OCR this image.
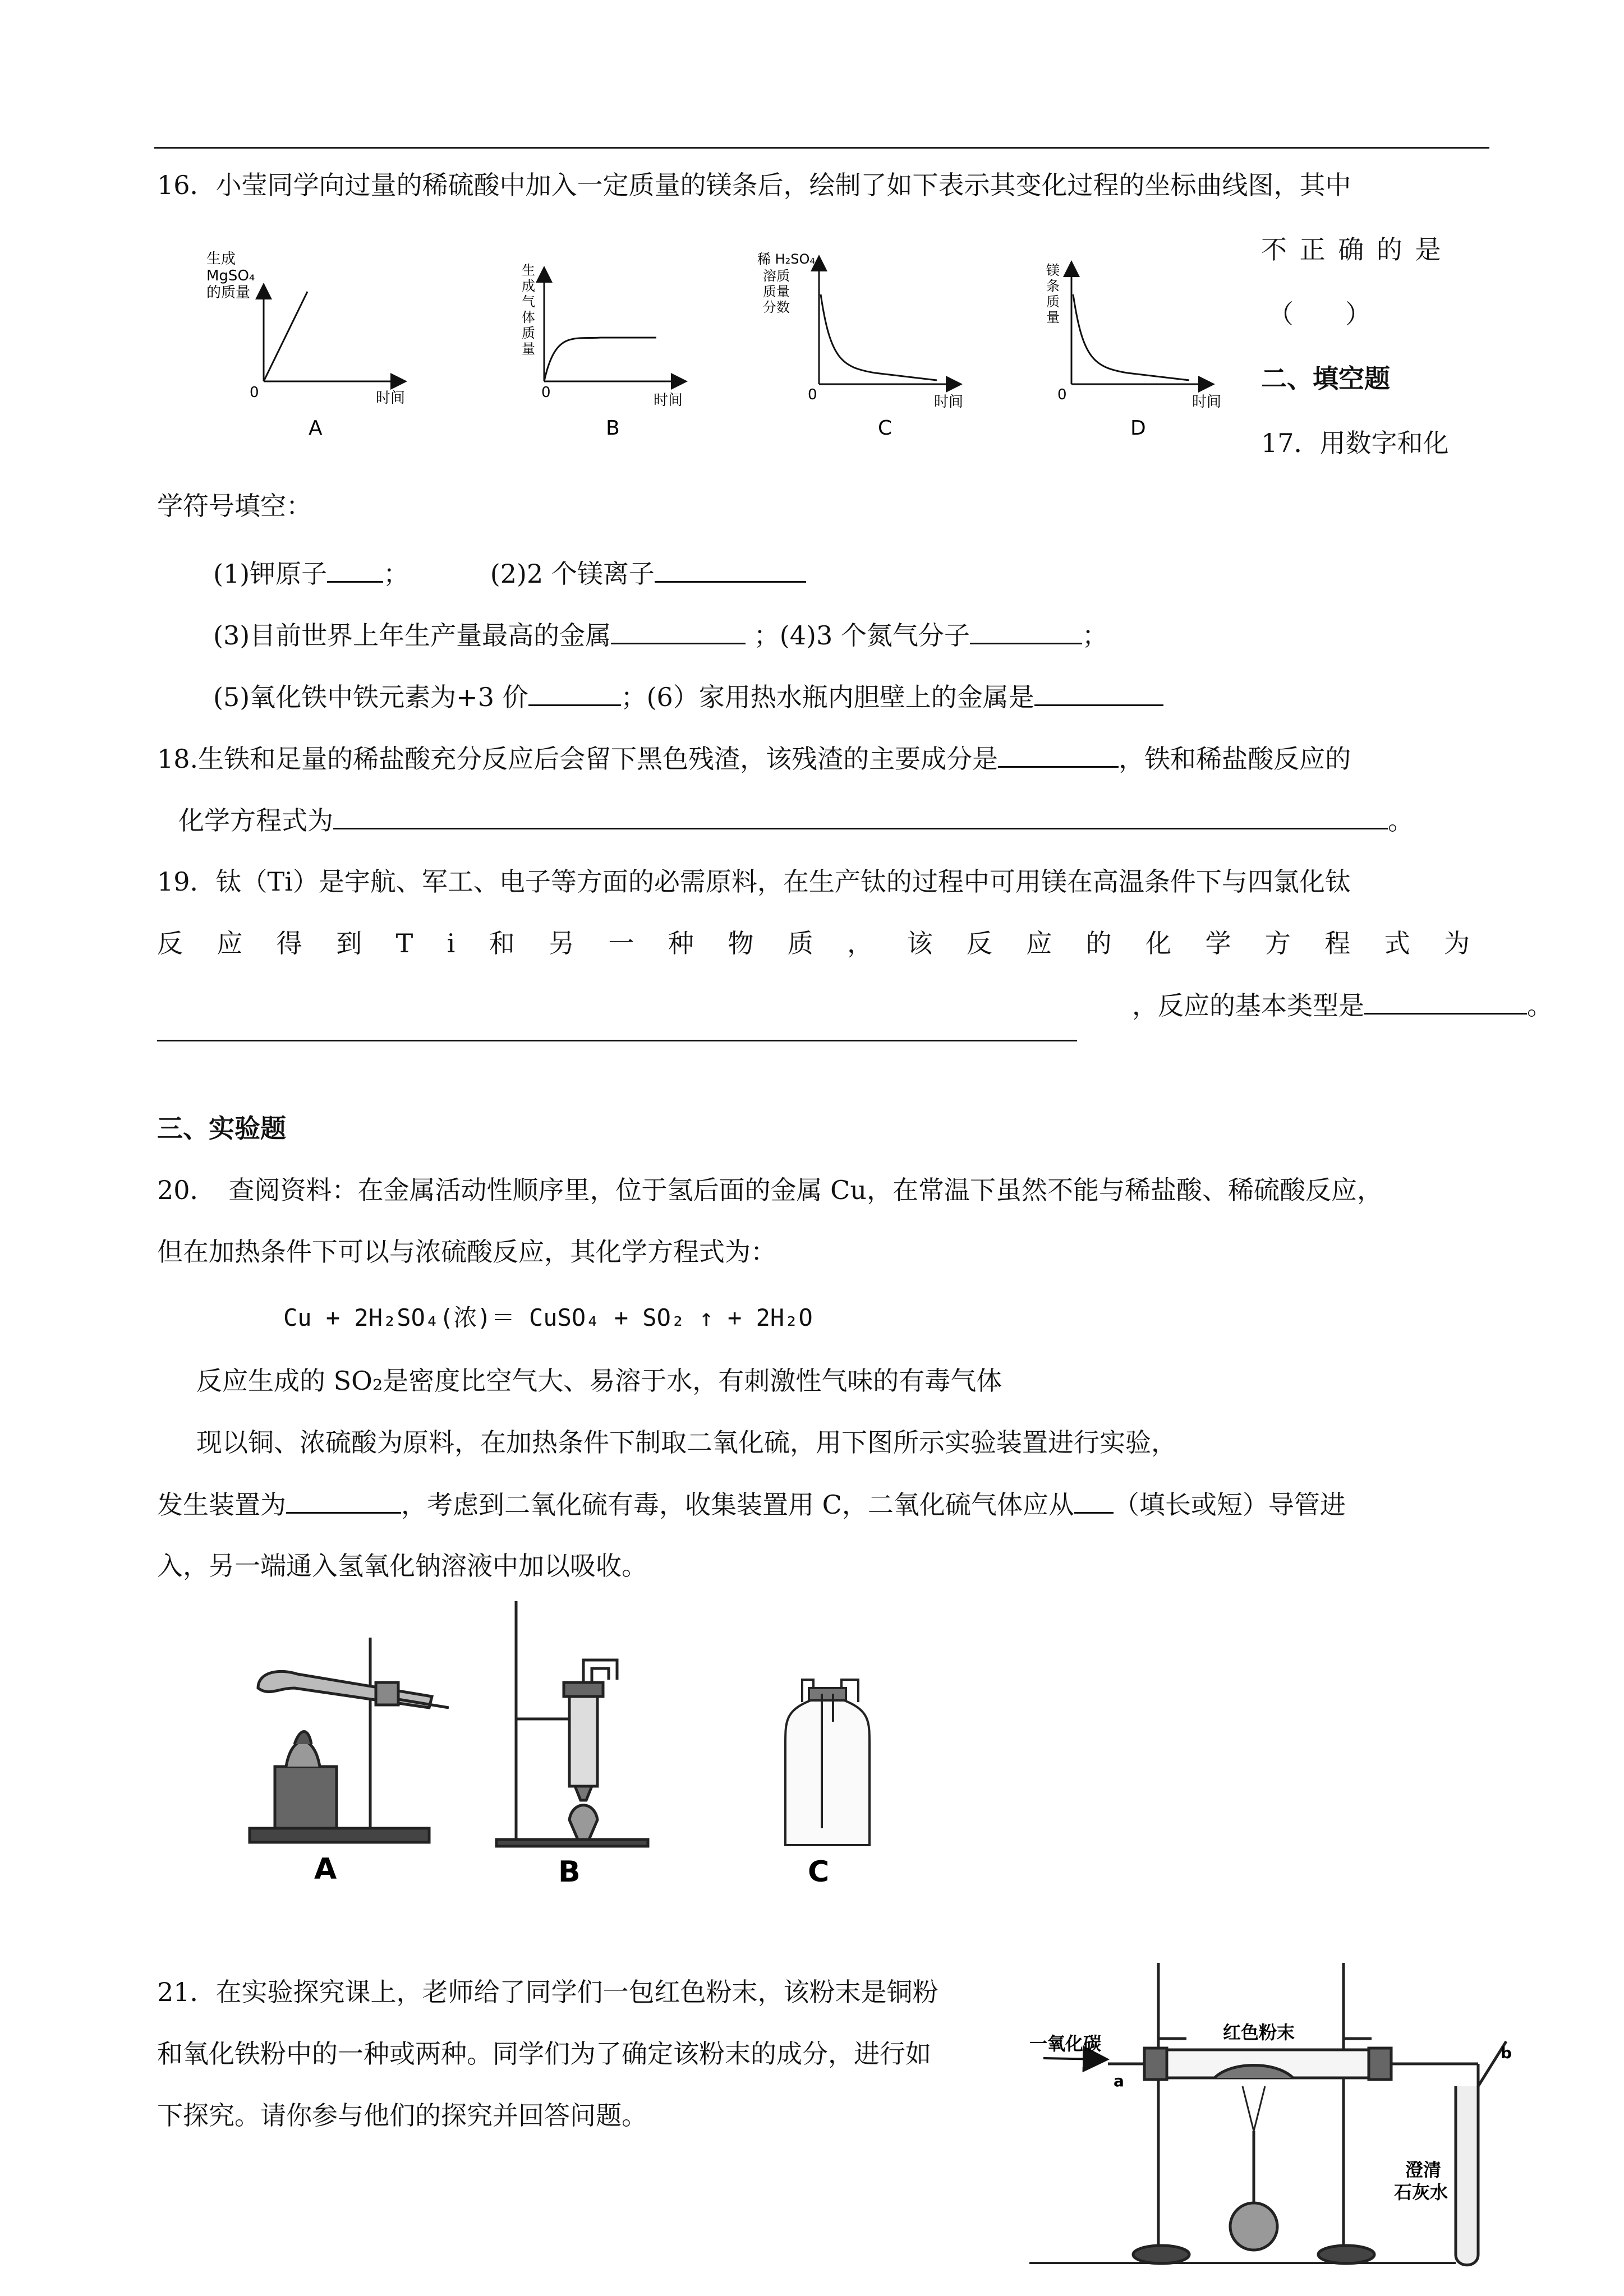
16．小莹同学向过量的稀硫酸中加入一定质量的镁条后，绘制了如下表示其变化过程的坐标曲线图，其中
不 正 确 的 是
（　　）
二、填空题
17．用数字和化
生成
MgSO₄
的质量
0	时间
A
生
成
气
体
质
量
0	时间
B
稀 H₂SO₄
溶质
质量
分数
0	时间
C
镁
条
质
量
0	时间
D
学符号填空：
(1)钾原子 ；	(2)2 个镁离子
(3)目前世界上年生产量最高的金属	；(4)3 个氮气分子	；
(5)氧化铁中铁元素为+3 价	；(6）家用热水瓶内胆壁上的金属是
18.生铁和足量的稀盐酸充分反应后会留下黑色残渣，该残渣的主要成分是	，铁和稀盐酸反应的
化学方程式为	。
19．钛（Ti）是宇航、军工、电子等方面的必需原料，在生产钛的过程中可用镁在高温条件下与四氯化钛
反 应 得 到 T i 和 另 一 种 物 质 ， 该 反 应 的 化 学 方 程 式 为
，反应的基本类型是	。
三、实验题
20．　查阅资料：在金属活动性顺序里，位于氢后面的金属 Cu，在常温下虽然不能与稀盐酸、稀硫酸反应，
但在加热条件下可以与浓硫酸反应，其化学方程式为：
Cu + 2H₂SO₄(浓)＝ CuSO₄ + SO₂ ↑ + 2H₂O
反应生成的 SO₂是密度比空气大、易溶于水，有刺激性气味的有毒气体
现以铜、浓硫酸为原料，在加热条件下制取二氧化硫，用下图所示实验装置进行实验，
发生装置为	，考虑到二氧化硫有毒，收集装置用 C，二氧化硫气体应从 （填长或短）导管进
入，另一端通入氢氧化钠溶液中加以吸收。
A	B	C
21．在实验探究课上，老师给了同学们一包红色粉末，该粉末是铜粉
和氧化铁粉中的一种或两种。同学们为了确定该粉末的成分，进行如
下探究。请你参与他们的探究并回答问题。
一氧化碳
红色粉末
a
b
澄清
石灰水
